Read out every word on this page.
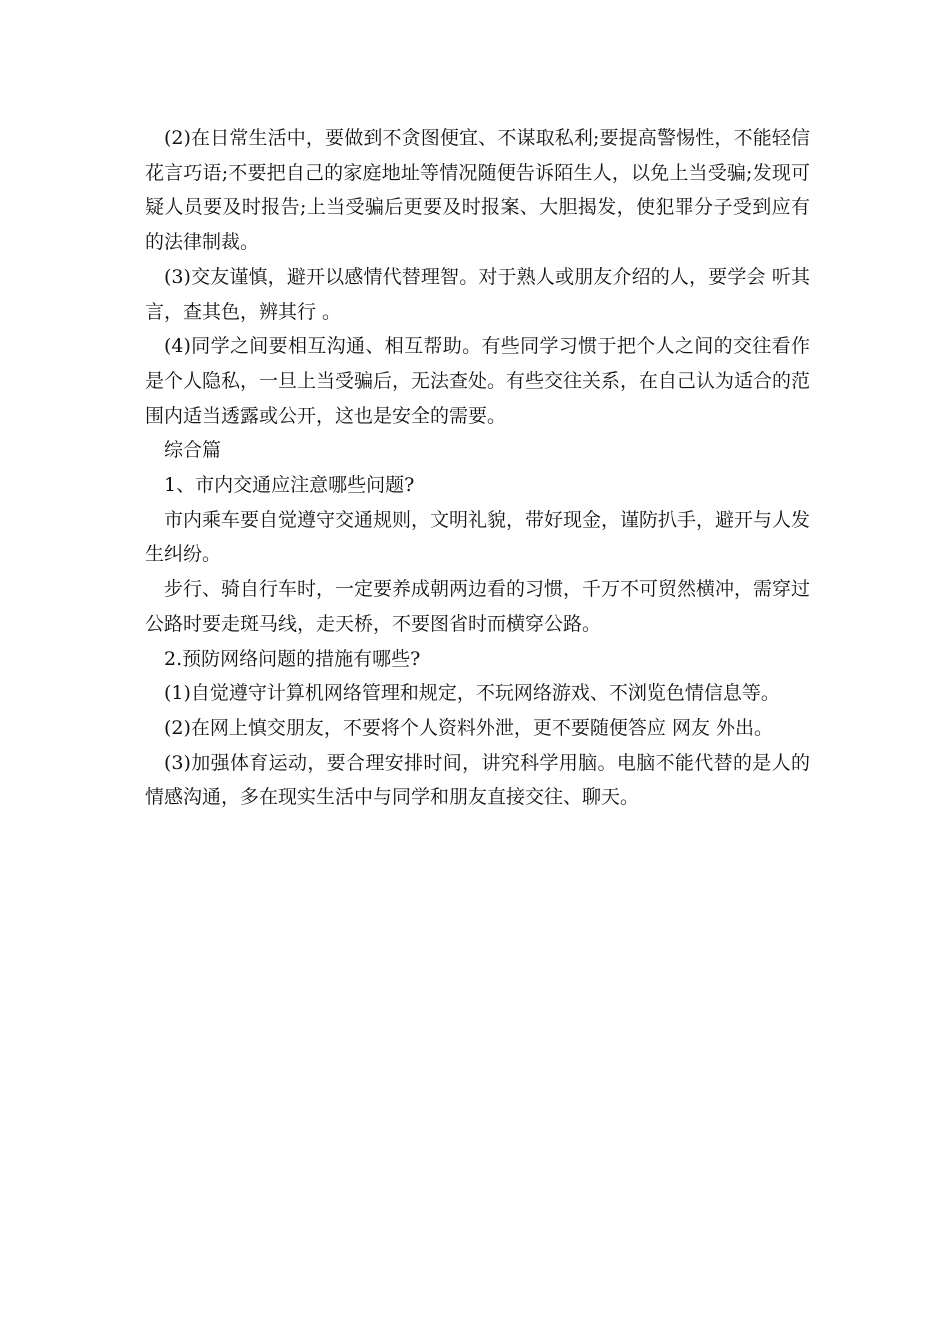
(2)在日常生活中，要做到不贪图便宜、不谋取私利;要提高警惕性，不能轻信花言巧语;不要把自己的家庭地址等情况随便告诉陌生人，以免上当受骗;发现可疑人员要及时报告;上当受骗后更要及时报案、大胆揭发，使犯罪分子受到应有的法律制裁。

(3)交友谨慎，避开以感情代替理智。对于熟人或朋友介绍的人，要学会 听其言，查其色，辨其行 。

(4)同学之间要相互沟通、相互帮助。有些同学习惯于把个人之间的交往看作是个人隐私，一旦上当受骗后，无法查处。有些交往关系，在自己认为适合的范围内适当透露或公开，这也是安全的需要。

综合篇

1、市内交通应注意哪些问题?

市内乘车要自觉遵守交通规则，文明礼貌，带好现金，谨防扒手，避开与人发生纠纷。

步行、骑自行车时，一定要养成朝两边看的习惯，千万不可贸然横冲，需穿过公路时要走斑马线，走天桥，不要图省时而横穿公路。

2.预防网络问题的措施有哪些?

(1)自觉遵守计算机网络管理和规定，不玩网络游戏、不浏览色情信息等。

(2)在网上慎交朋友，不要将个人资料外泄，更不要随便答应 网友 外出。

(3)加强体育运动，要合理安排时间，讲究科学用脑。电脑不能代替的是人的情感沟通，多在现实生活中与同学和朋友直接交往、聊天。
